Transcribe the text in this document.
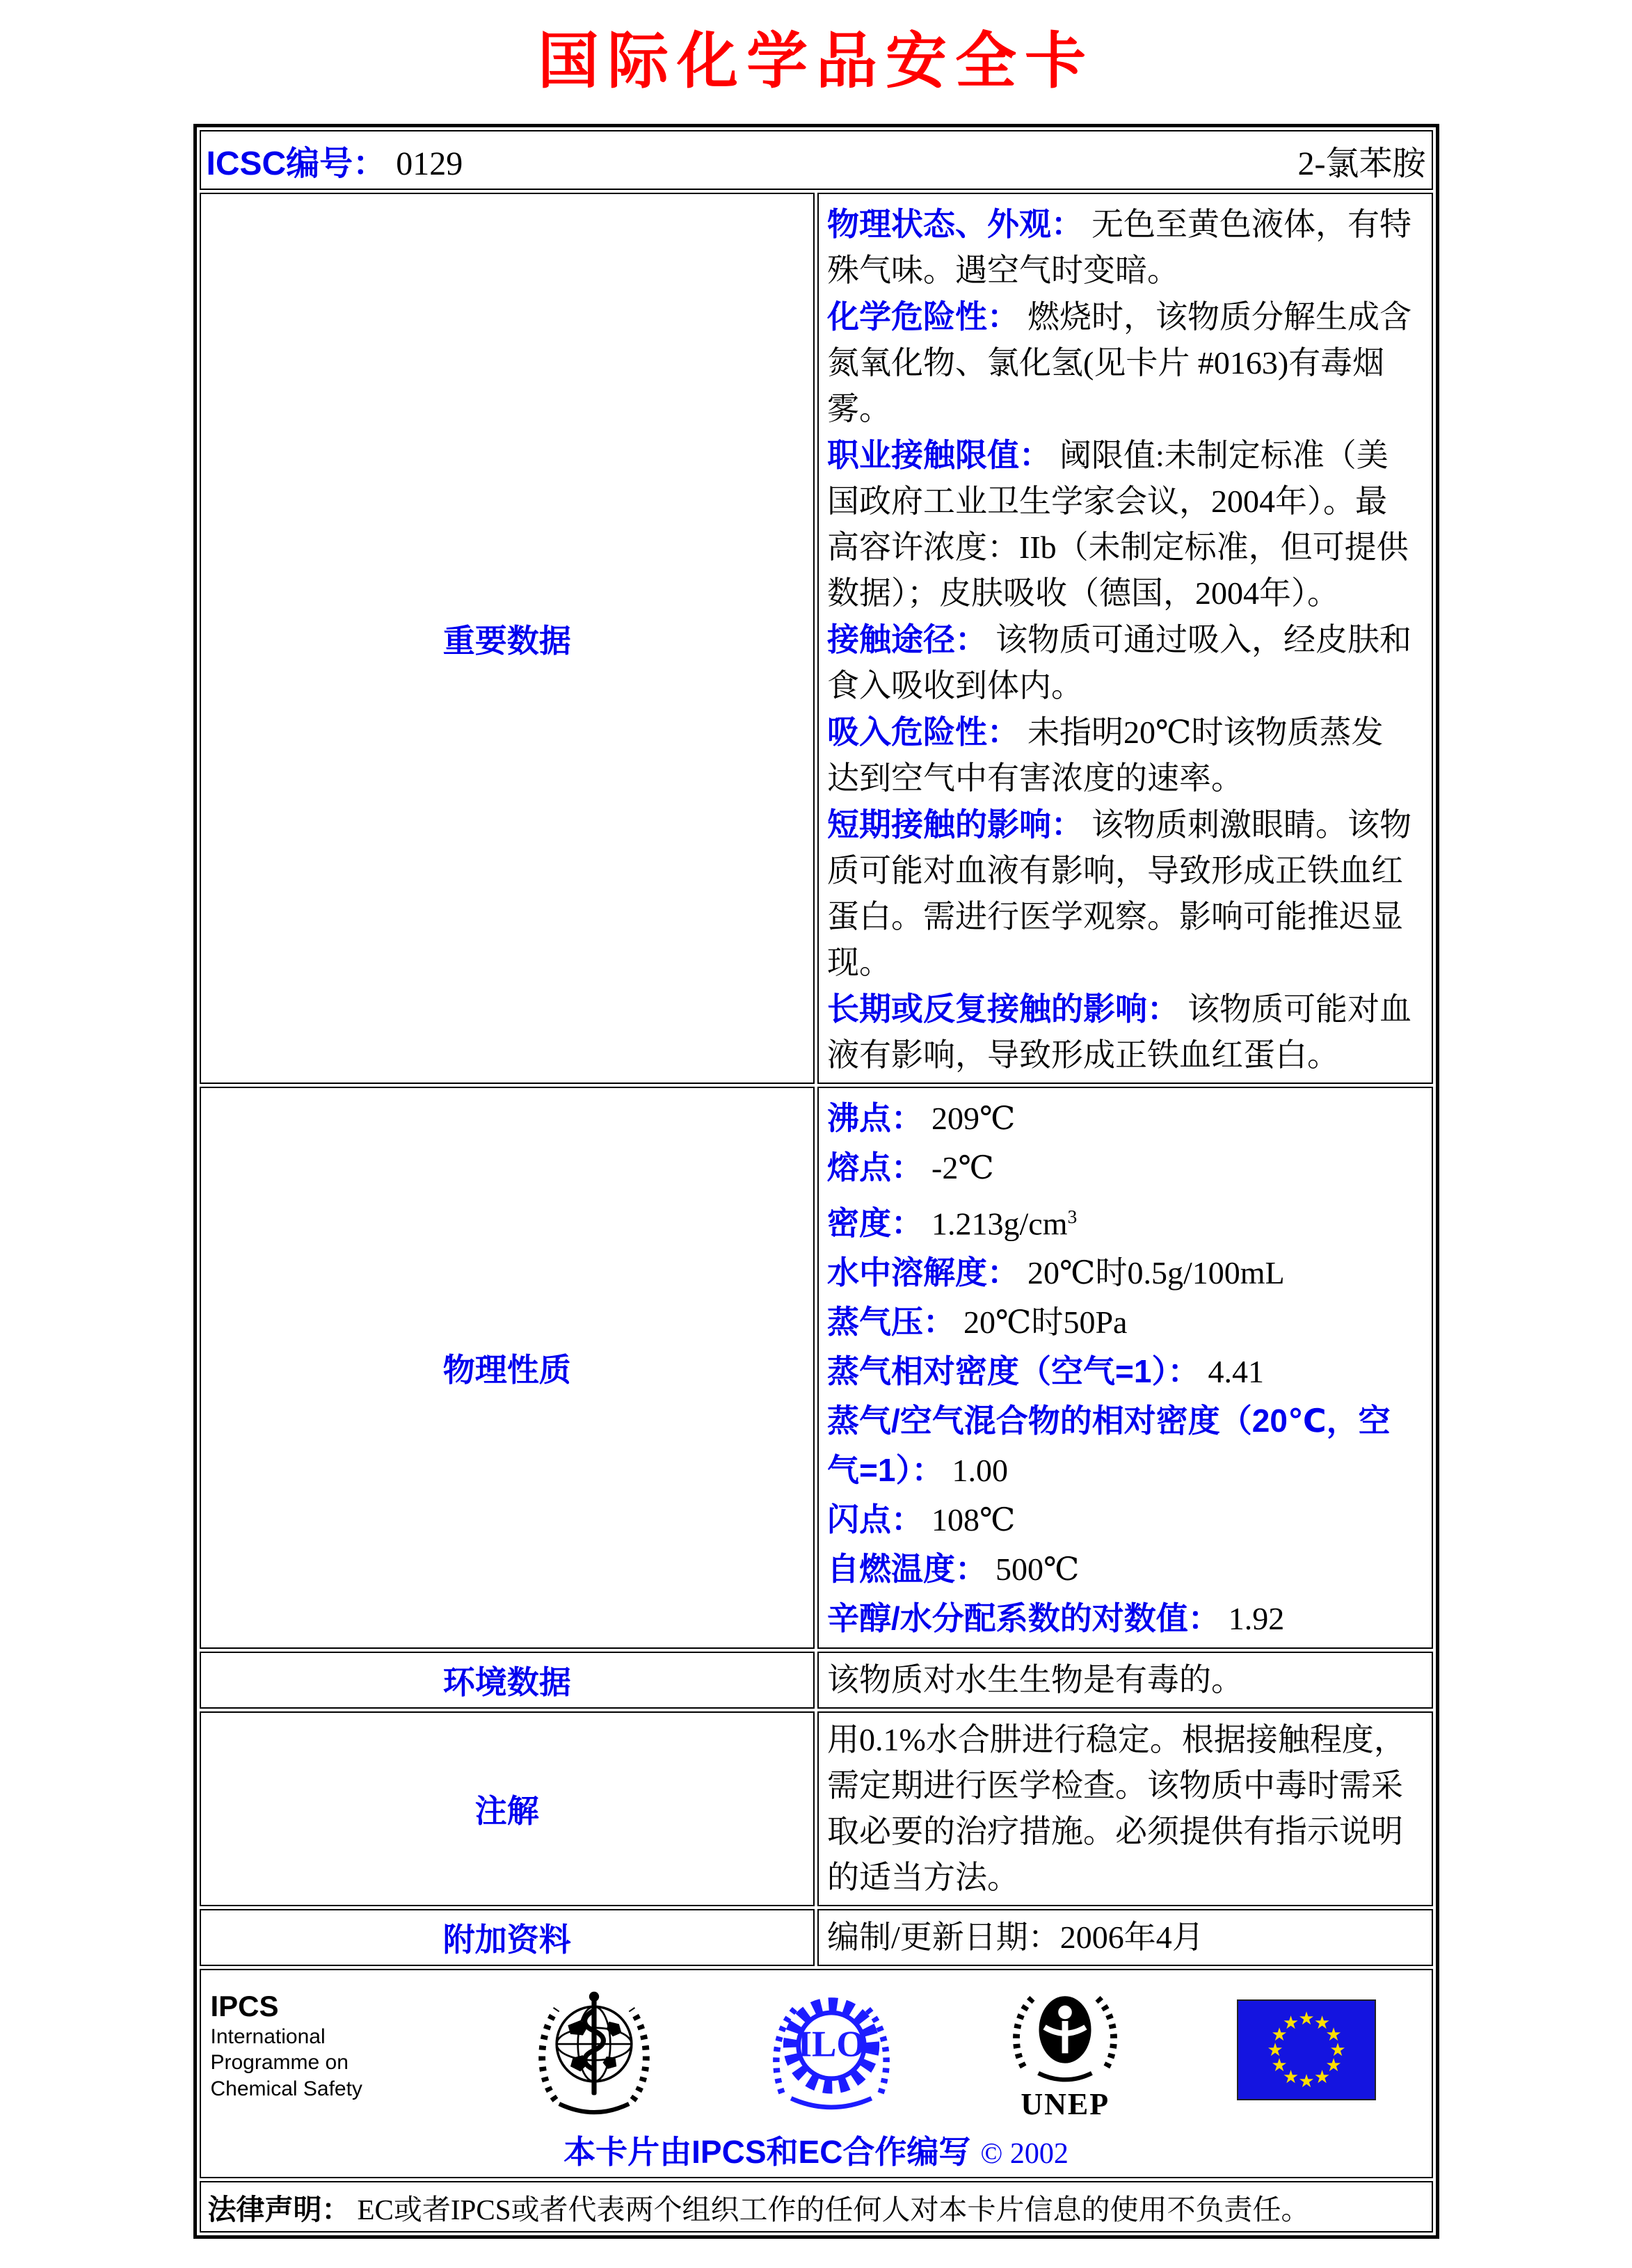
国际化学品安全卡
ICSC编号： 0129 2-氯苯胺	

重要数据	
物理状态、外观： 无色至黄色液体，有特殊气味。遇空气时变暗。
化学危险性： 燃烧时，该物质分解生成含氮氧化物、氯化氢(见卡片 #0163)有毒烟雾。
职业接触限值： 阈限值:未制定标准（美国政府工业卫生学家会议，2004年）。最高容许浓度：IIb（未制定标准，但可提供数据）；皮肤吸收（德国，2004年）。
接触途径： 该物质可通过吸入，经皮肤和食入吸收到体内。
吸入危险性： 未指明20℃时该物质蒸发达到空气中有害浓度的速率。
短期接触的影响： 该物质刺激眼睛。该物质可能对血液有影响，导致形成正铁血红蛋白。需进行医学观察。影响可能推迟显现。
长期或反复接触的影响： 该物质可能对血液有影响，导致形成正铁血红蛋白。

物理性质	
沸点： 209℃
熔点： -2℃
密度： $1.213g/cm^3$
水中溶解度： 20℃时0.5g/100mL
蒸气压： 20℃时50Pa
蒸气相对密度（空气=1）： 4.41
蒸气/空气混合物的相对密度（20℃，空气=1）： 1.00
闪点： 108℃
自燃温度： 500℃
辛醇/水分配系数的对数值： 1.92

环境数据	该物质对水生生物是有毒的。
注解	用0.1%水合肼进行稳定。根据接触程度，需定期进行医学检查。该物质中毒时需采取必要的治疗措施。必须提供有指示说明的适当方法。
附加资料	编制/更新日期：2006年4月

IPCS
International
Programme on
Chemical Safety
ILO
UNEP
★
★
★
★
★
★
★
★
★ ★ ★
★
本卡片由IPCS和EC合作编写 © 2002

法律声明： EC或者IPCS或者代表两个组织工作的任何人对本卡片信息的使用不负责任。	
